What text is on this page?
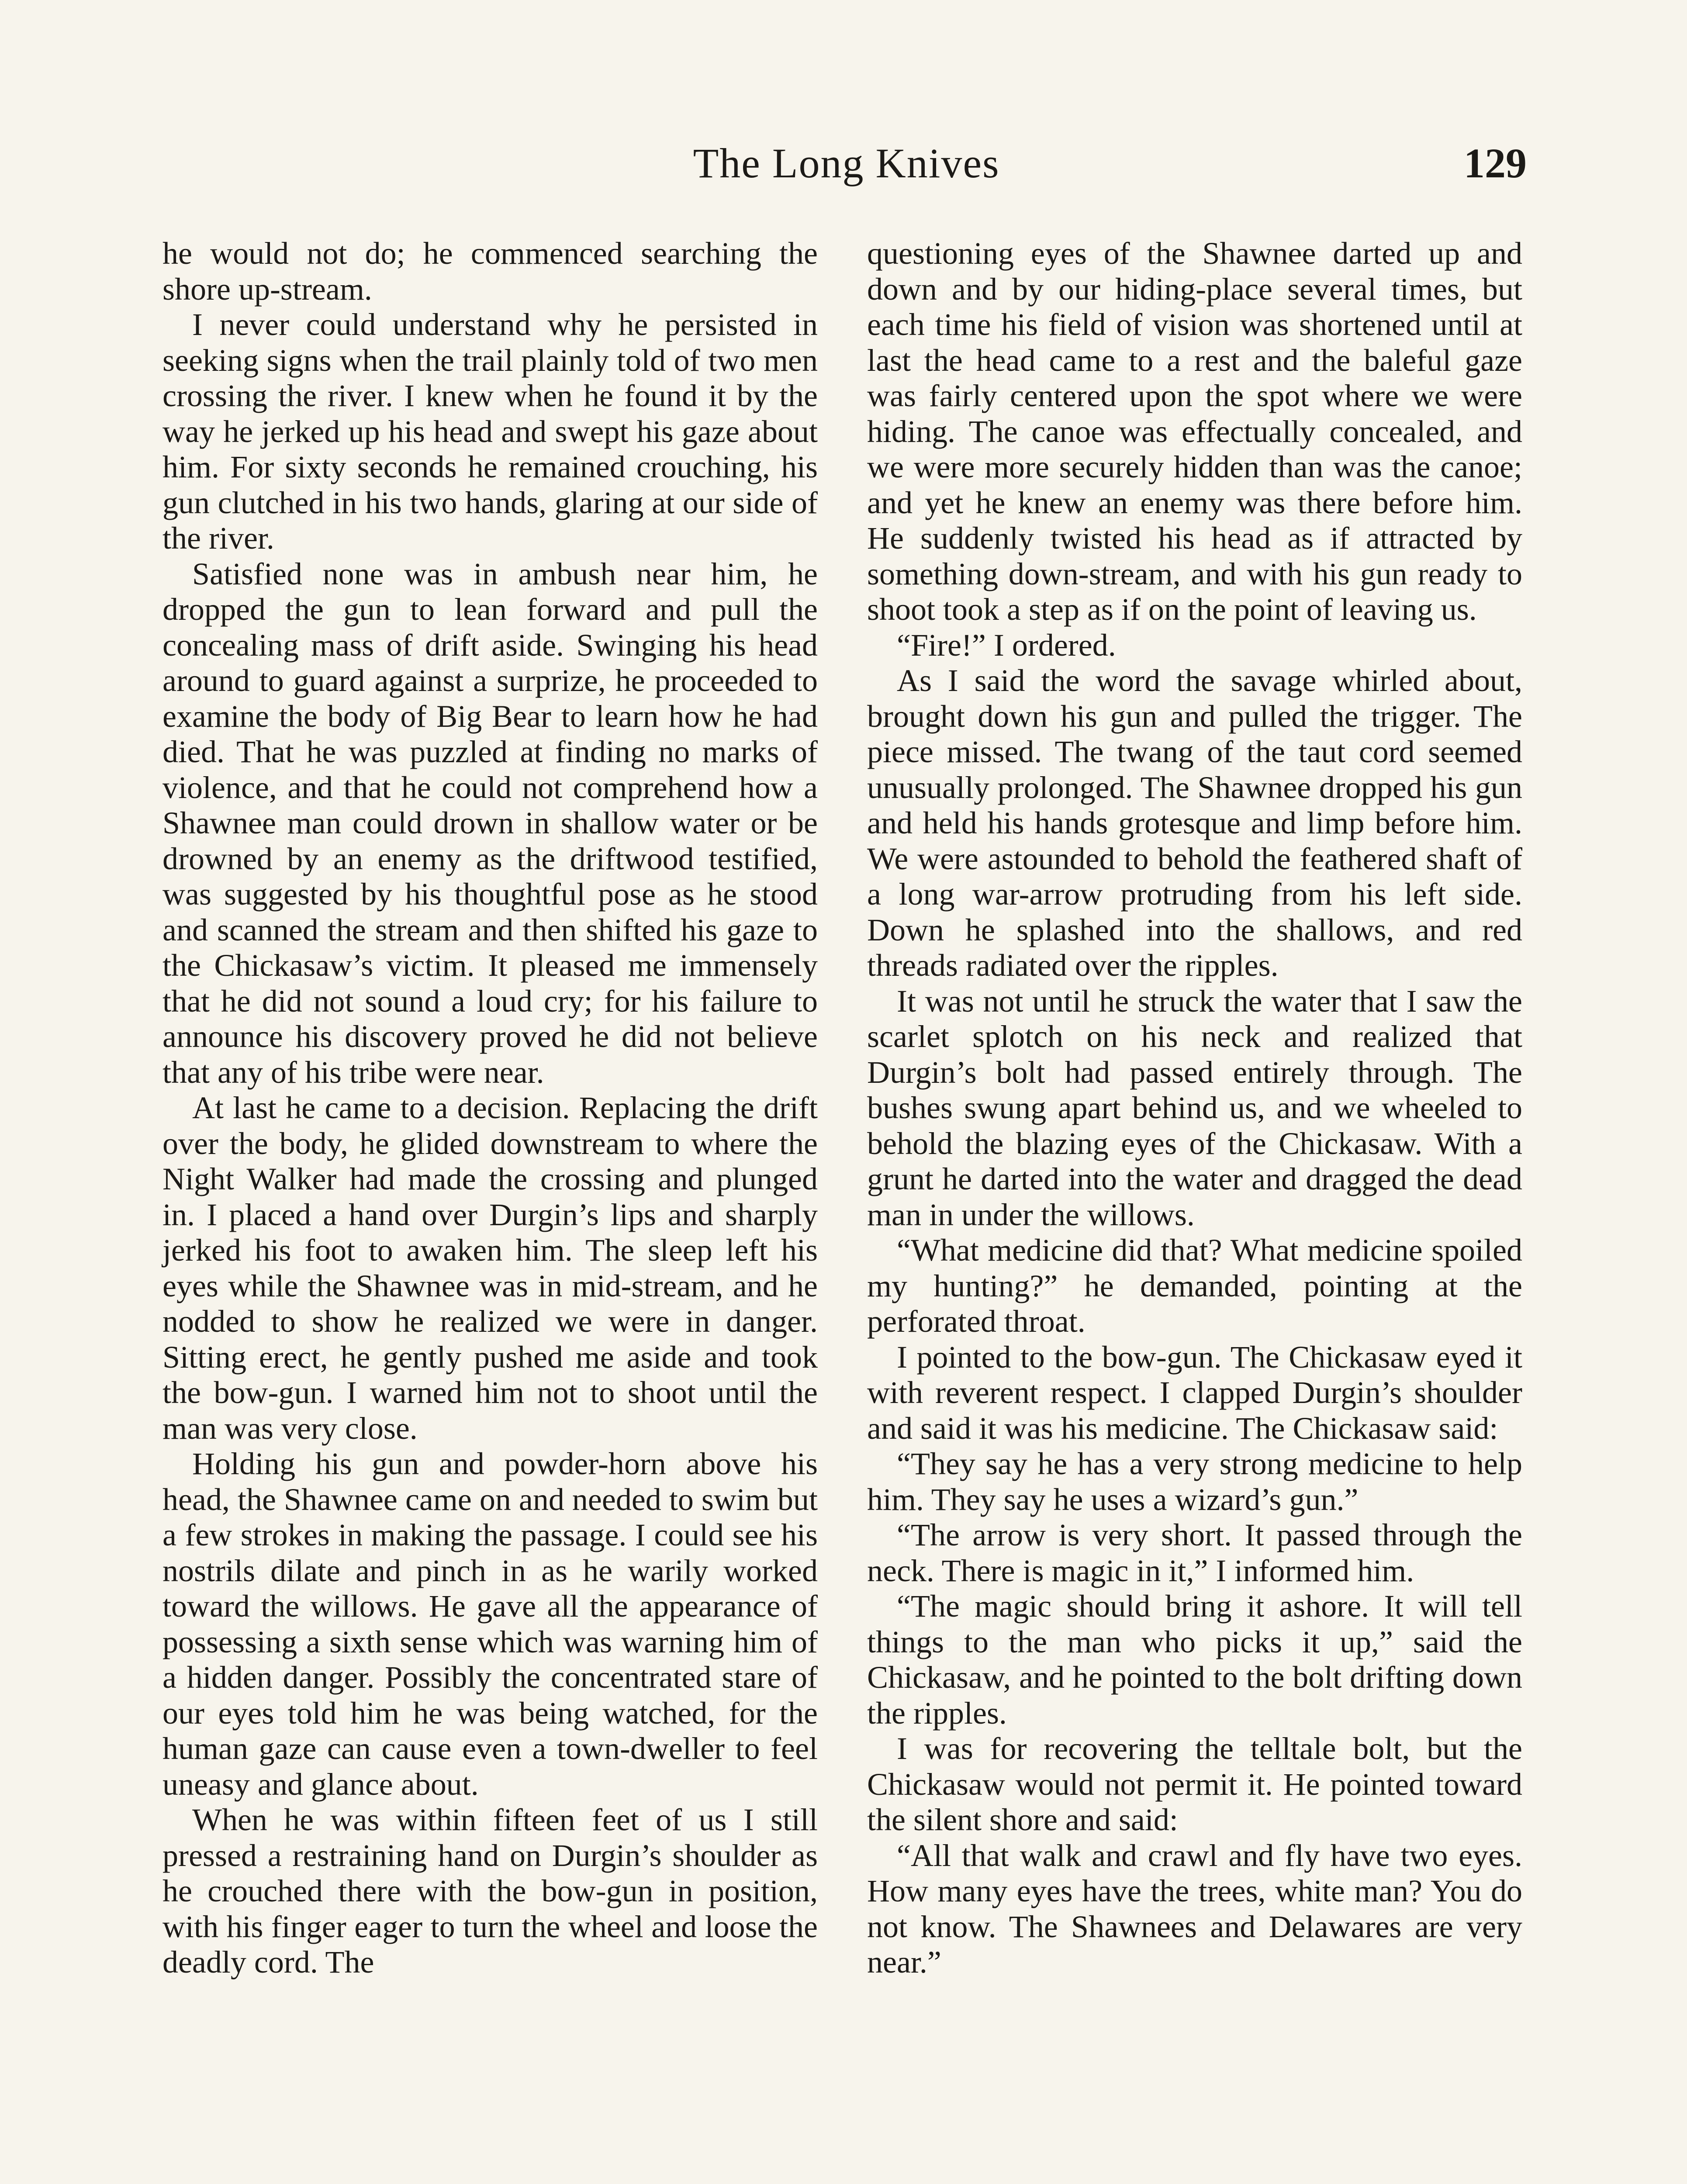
The Long Knives	129

he would not do; he commenced searching the shore up-stream.

I never could understand why he persisted in seeking signs when the trail plainly told of two men crossing the river. I knew when he found it by the way he jerked up his head and swept his gaze about him. For sixty seconds he remained crouching, his gun clutched in his two hands, glaring at our side of the river.

Satisfied none was in ambush near him, he dropped the gun to lean forward and pull the concealing mass of drift aside. Swinging his head around to guard against a surprize, he proceeded to examine the body of Big Bear to learn how he had died. That he was puzzled at finding no marks of violence, and that he could not comprehend how a Shawnee man could drown in shallow water or be drowned by an enemy as the driftwood testified, was suggested by his thoughtful pose as he stood and scanned the stream and then shifted his gaze to the Chickasaw’s victim. It pleased me immensely that he did not sound a loud cry; for his failure to announce his discovery proved he did not believe that any of his tribe were near.

At last he came to a decision. Replacing the drift over the body, he glided downstream to where the Night Walker had made the crossing and plunged in. I placed a hand over Durgin’s lips and sharply jerked his foot to awaken him. The sleep left his eyes while the Shawnee was in mid-stream, and he nodded to show he realized we were in danger. Sitting erect, he gently pushed me aside and took the bow-gun. I warned him not to shoot until the man was very close.

Holding his gun and powder-horn above his head, the Shawnee came on and needed to swim but a few strokes in making the passage. I could see his nostrils dilate and pinch in as he warily worked toward the willows. He gave all the appearance of possessing a sixth sense which was warning him of a hidden danger. Possibly the concentrated stare of our eyes told him he was being watched, for the human gaze can cause even a town-dweller to feel uneasy and glance about.

When he was within fifteen feet of us I still pressed a restraining hand on Durgin’s shoulder as he crouched there with the bow-gun in position, with his finger eager to turn the wheel and loose the deadly cord. The

questioning eyes of the Shawnee darted up and down and by our hiding-place several times, but each time his field of vision was shortened until at last the head came to a rest and the baleful gaze was fairly centered upon the spot where we were hiding. The canoe was effectually concealed, and we were more securely hidden than was the canoe; and yet he knew an enemy was there before him. He suddenly twisted his head as if attracted by something down-stream, and with his gun ready to shoot took a step as if on the point of leaving us.

“Fire!” I ordered.

As I said the word the savage whirled about, brought down his gun and pulled the trigger. The piece missed. The twang of the taut cord seemed unusually prolonged. The Shawnee dropped his gun and held his hands grotesque and limp before him. We were astounded to behold the feathered shaft of a long war-arrow protruding from his left side. Down he splashed into the shallows, and red threads radiated over the ripples.

It was not until he struck the water that I saw the scarlet splotch on his neck and realized that Durgin’s bolt had passed entirely through. The bushes swung apart behind us, and we wheeled to behold the blazing eyes of the Chickasaw. With a grunt he darted into the water and dragged the dead man in under the willows.

“What medicine did that? What medicine spoiled my hunting?” he demanded, pointing at the perforated throat.

I pointed to the bow-gun. The Chickasaw eyed it with reverent respect. I clapped Durgin’s shoulder and said it was his medicine. The Chickasaw said:

“They say he has a very strong medicine to help him. They say he uses a wizard’s gun.”

“The arrow is very short. It passed through the neck. There is magic in it,” I informed him.

“The magic should bring it ashore. It will tell things to the man who picks it up,” said the Chickasaw, and he pointed to the bolt drifting down the ripples.

I was for recovering the telltale bolt, but the Chickasaw would not permit it. He pointed toward the silent shore and said:

“All that walk and crawl and fly have two eyes. How many eyes have the trees, white man? You do not know. The Shawnees and Delawares are very near.”
